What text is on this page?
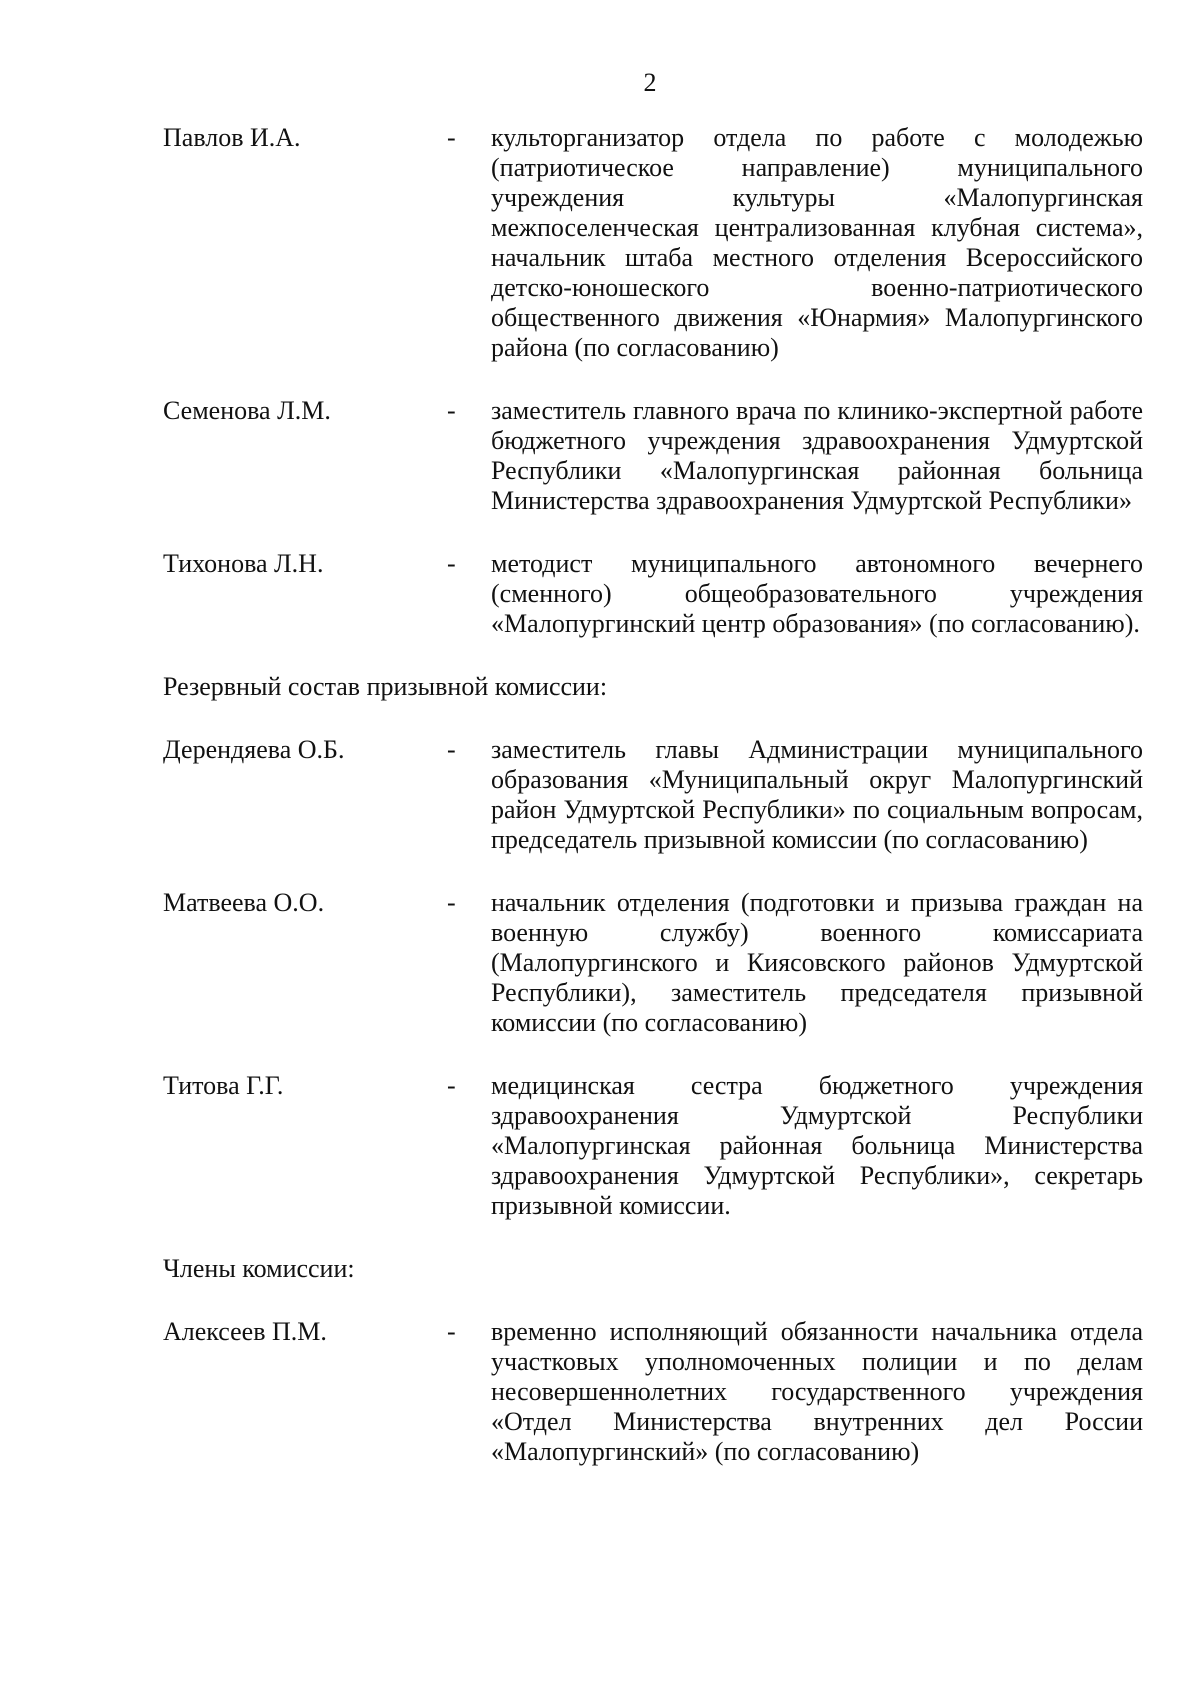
2
Павлов И.А.	-	культорганизатор отдела по работе с молодежью (патриотическое направление) муниципального учреждения культуры «Малопургинская межпоселенческая централизованная клубная система», начальник штаба местного отделения Всероссийского детско-юношеского военно-патриотического общественного движения «Юнармия» Малопургинского района (по согласованию)
Семенова Л.М.	-	заместитель главного врача по клинико-экспертной работе бюджетного учреждения здравоохранения Удмуртской Республики «Малопургинская районная больница Министерства здравоохранения Удмуртской Республики»
Тихонова Л.Н.	-	методист муниципального автономного вечернего (сменного) общеобразовательного учреждения «Малопургинский центр образования» (по согласованию).
Резервный состав призывной комиссии:
Дерендяева О.Б.	-	заместитель главы Администрации муниципального образования «Муниципальный округ Малопургинский район Удмуртской Республики» по социальным вопросам, председатель призывной комиссии (по согласованию)
Матвеева О.О.	-	начальник отделения (подготовки и призыва граждан на военную службу) военного комиссариата (Малопургинского и Киясовского районов Удмуртской Республики), заместитель председателя призывной комиссии (по согласованию)
Титова Г.Г.	-	медицинская сестра бюджетного учреждения здравоохранения Удмуртской Республики «Малопургинская районная больница Министерства здравоохранения Удмуртской Республики», секретарь призывной комиссии.
Члены комиссии:
Алексеев П.М.	-	временно исполняющий обязанности начальника отдела участковых уполномоченных полиции и по делам несовершеннолетних государственного учреждения «Отдел Министерства внутренних дел России «Малопургинский» (по согласованию)
